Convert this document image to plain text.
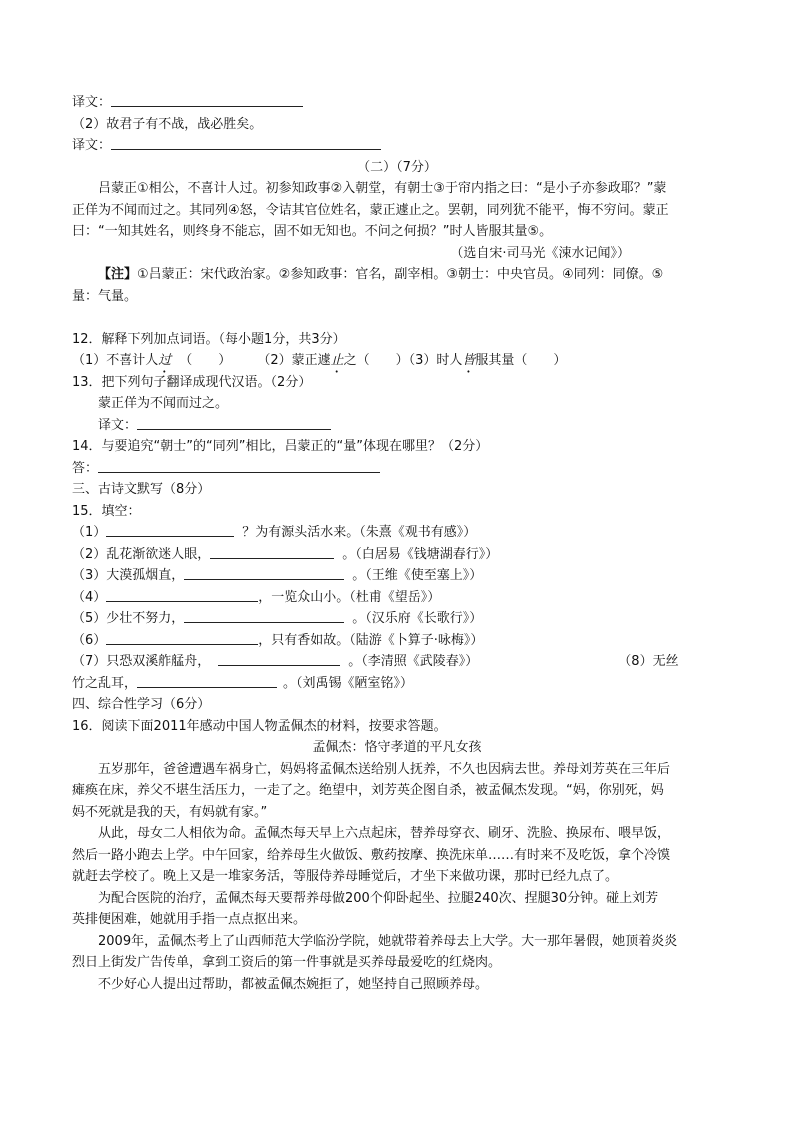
译文：
（2）故君子有不战，战必胜矣。
译文：
（二）（7分）
吕蒙正①相公，不喜计人过。初参知政事②入朝堂，有朝士③于帘内指之曰：“是小子亦参政耶？”蒙
正佯为不闻而过之。其同列④怒，令诘其官位姓名，蒙正遽止之。罢朝，同列犹不能平，悔不穷问。蒙正
曰：“一知其姓名，则终身不能忘，固不如无知也。不问之何损？”时人皆服其量⑤。
（选自宋·司马光《涑水记闻》）
【注】①吕蒙正：宋代政治家。②参知政事：官名，副宰相。③朝士：中央官员。④同列：同僚。⑤
量：气量。
12．解释下列加点词语。（每小题1分，共3分）
（1）不喜计人过 （　　） （2）蒙正遽止之（　　）（3）时人皆服其量（　　）
13．把下列句子翻译成现代汉语。（2分）
蒙正佯为不闻而过之。
译文：
14．与要追究“朝士”的“同列”相比，吕蒙正的“量”体现在哪里？（2分）
答：
三、古诗文默写（8分）
15．填空：
（1）	？为有源头活水来。（朱熹《观书有感》）
（2）乱花渐欲迷人眼，	。（白居易《钱塘湖春行》）
（3）大漠孤烟直，	。（王维《使至塞上》）
（4）	，一览众山小。（杜甫《望岳》）
（5）少壮不努力，	。（汉乐府《长歌行》）
（6）	，只有香如故。（陆游《卜算子·咏梅》）
（7）只恐双溪舴艋舟，	。（李清照《武陵春》）	（8）无丝
竹之乱耳，	。（刘禹锡《陋室铭》）
四、综合性学习（6分）
16．阅读下面2011年感动中国人物孟佩杰的材料，按要求答题。
孟佩杰：恪守孝道的平凡女孩
五岁那年，爸爸遭遇车祸身亡，妈妈将孟佩杰送给别人抚养，不久也因病去世。养母刘芳英在三年后
瘫痪在床，养父不堪生活压力，一走了之。绝望中，刘芳英企图自杀，被孟佩杰发现。“妈，你别死，妈
妈不死就是我的天，有妈就有家。”
从此，母女二人相依为命。孟佩杰每天早上六点起床，替养母穿衣、刷牙、洗脸、换尿布、喂早饭，
然后一路小跑去上学。中午回家，给养母生火做饭、敷药按摩、换洗床单……有时来不及吃饭，拿个冷馍
就赶去学校了。晚上又是一堆家务活，等服侍养母睡觉后，才坐下来做功课，那时已经九点了。
为配合医院的治疗，孟佩杰每天要帮养母做200个仰卧起坐、拉腿240次、捏腿30分钟。碰上刘芳
英排便困难，她就用手指一点点抠出来。
2009年，孟佩杰考上了山西师范大学临汾学院，她就带着养母去上大学。大一那年暑假，她顶着炎炎
烈日上街发广告传单，拿到工资后的第一件事就是买养母最爱吃的红烧肉。
不少好心人提出过帮助，都被孟佩杰婉拒了，她坚持自己照顾养母。
